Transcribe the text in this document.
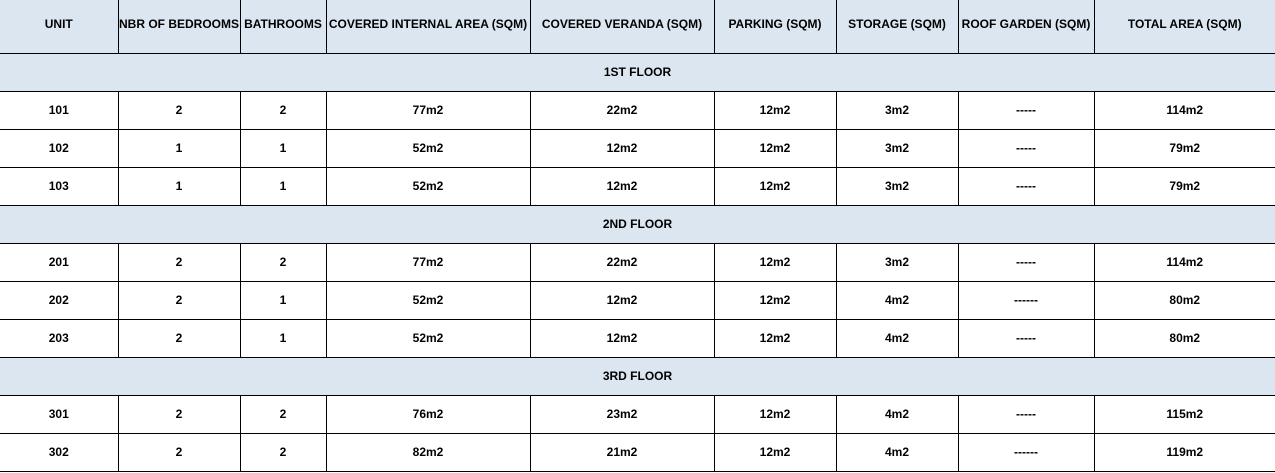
UNIT	NBR OF BEDROOMS	BATHROOMS	COVERED INTERNAL AREA (SQM)	COVERED VERANDA (SQM)	PARKING (SQM)	STORAGE (SQM)	ROOF GARDEN (SQM)	TOTAL AREA (SQM)
1ST FLOOR								
101	2	2	77m2	22m2	12m2	3m2	-----	114m2
102	1	1	52m2	12m2	12m2	3m2	-----	79m2
103	1	1	52m2	12m2	12m2	3m2	-----	79m2
2ND FLOOR								
201	2	2	77m2	22m2	12m2	3m2	-----	114m2
202	2	1	52m2	12m2	12m2	4m2	------	80m2
203	2	1	52m2	12m2	12m2	4m2	-----	80m2
3RD FLOOR								
301	2	2	76m2	23m2	12m2	4m2	-----	115m2
302	2	2	82m2	21m2	12m2	4m2	------	119m2
